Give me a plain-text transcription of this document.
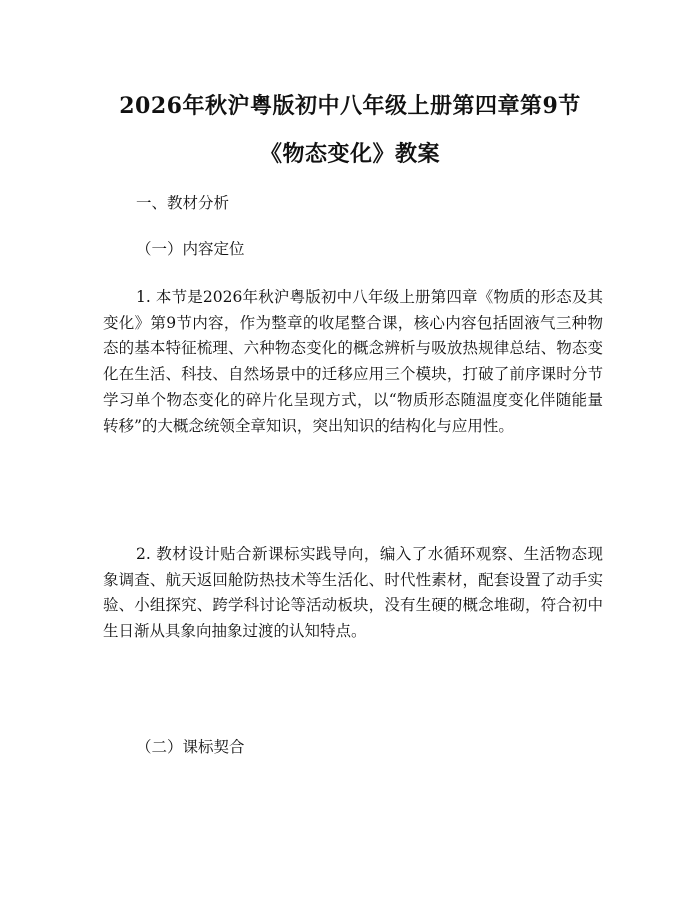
2026年秋沪粤版初中八年级上册第四章第9节《物态变化》教案
一、教材分析
（一）内容定位

1. 本节是2026年秋沪粤版初中八年级上册第四章《物质的形态及其变化》第9节内容，作为整章的收尾整合课，核心内容包括固液气三种物态的基本特征梳理、六种物态变化的概念辨析与吸放热规律总结、物态变化在生活、科技、自然场景中的迁移应用三个模块，打破了前序课时分节学习单个物态变化的碎片化呈现方式，以“物质形态随温度变化伴随能量转移”的大概念统领全章知识，突出知识的结构化与应用性。

2. 教材设计贴合新课标实践导向，编入了水循环观察、生活物态现象调查、航天返回舱防热技术等生活化、时代性素材，配套设置了动手实验、小组探究、跨学科讨论等活动板块，没有生硬的概念堆砌，符合初中生日渐从具象向抽象过渡的认知特点。

（二）课标契合
